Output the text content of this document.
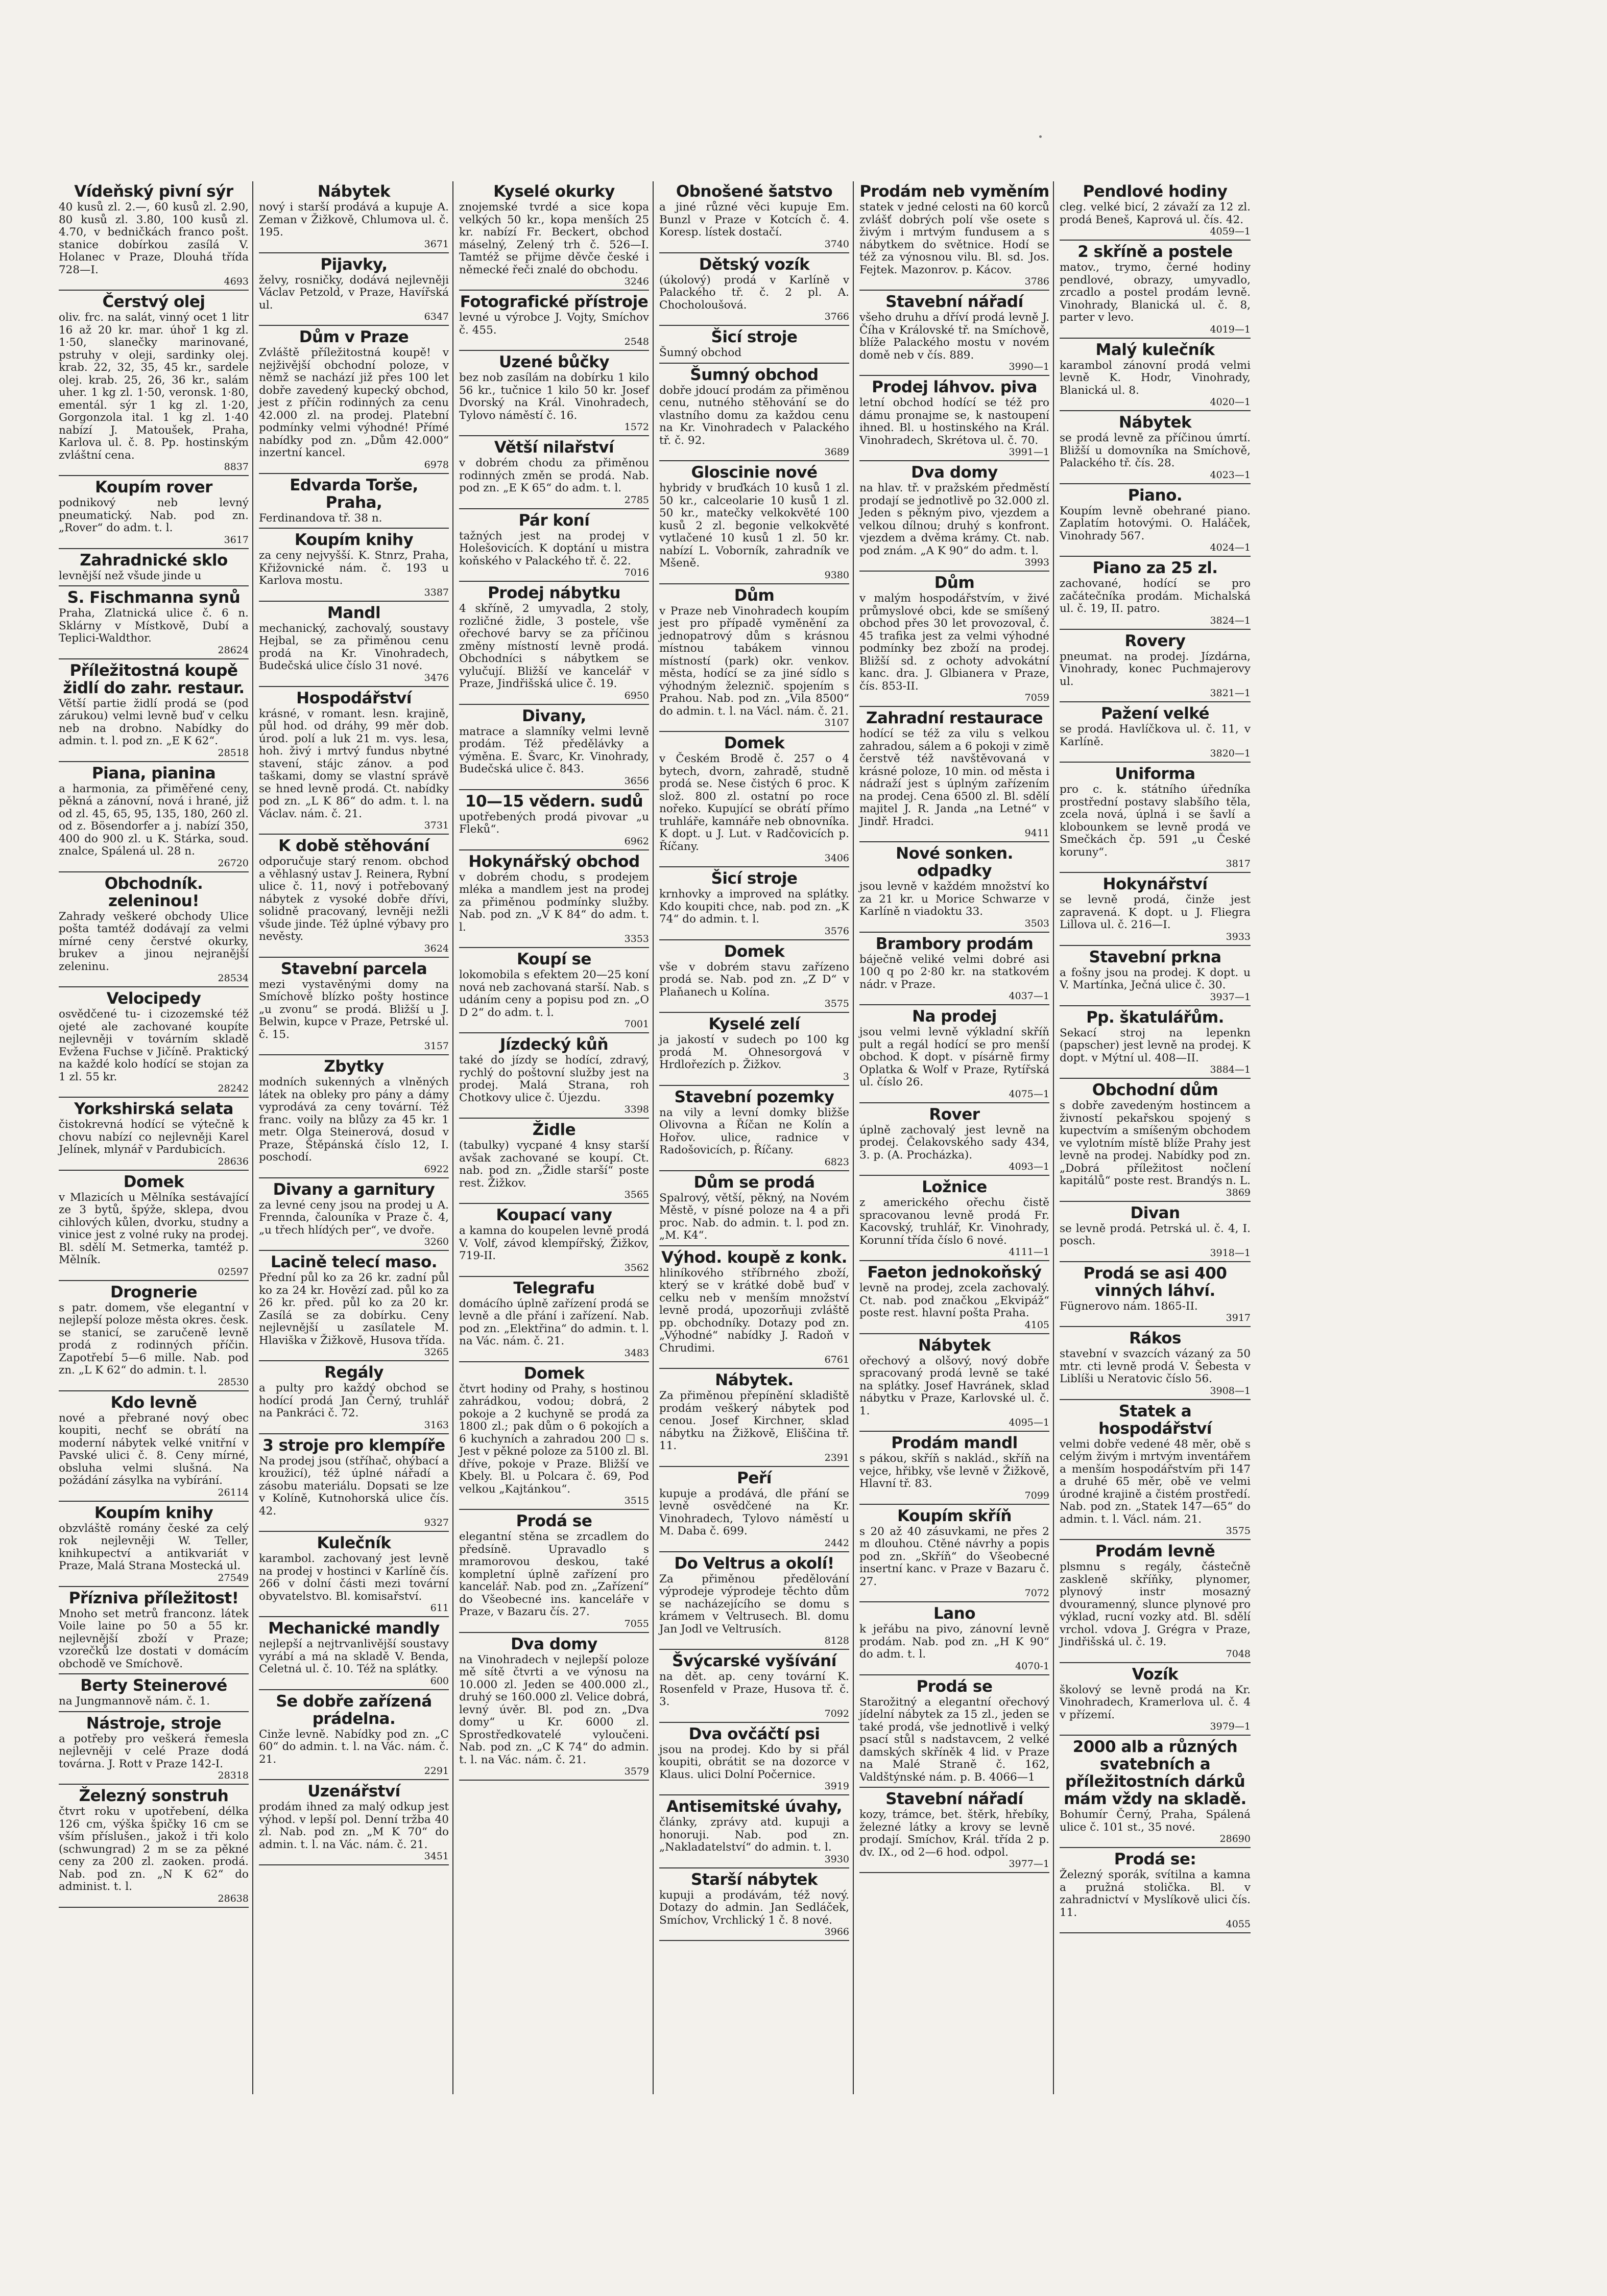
Vídeňský pivní sýr

40 kusů zl. 2.—, 60 kusů zl. 2.90, 80 kusů zl. 3.80, 100 kusů zl. 4.70, v bedničkách franco pošt. stanice dobírkou zasílá V. Holanec v Praze, Dlouhá třída 728—I.

4693
Čerstvý olej

oliv. frc. na salát, vinný ocet 1 litr 16 až 20 kr. mar. úhoř 1 kg zl. 1·50, slanečky marinované, pstruhy v oleji, sardinky olej. krab. 22, 32, 35, 45 kr., sardele olej. krab. 25, 26, 36 kr., salám uher. 1 kg zl. 1·50, veronsk. 1·80, ementál. sýr 1 kg zl. 1·20, Gorgonzola ital. 1 kg zl. 1·40 nabízí J. Matoušek, Praha, Karlova ul. č. 8. Pp. hostinským zvláštní cena.

8837
Koupím rover

podnikový neb levný pneumatický. Nab. pod zn. „Rover“ do adm. t. l.

3617
Zahradnické sklo

levnější než všude jinde u

S. Fischmanna synů

Praha, Zlatnická ulice č. 6 n. Sklárny v Místkově, Dubí a Teplici-Waldthor.

28624
Příležitostná koupě židlí do zahr. restaur.

Větší partie židlí prodá se (pod zárukou) velmi levně buď v celku neb na drobno. Nabídky do admin. t. l. pod zn. „E K 62“.

28518
Piana, pianina

a harmonia, za přiměřené ceny, pěkná a zánovní, nová i hrané, již od zl. 45, 65, 95, 135, 180, 260 zl. od z. Bösendorfer a j. nabízí 350, 400 do 900 zl. u K. Stárka, soud. znalce, Spálená ul. 28 n.

26720
Obchodník. zeleninou!

Zahrady veškeré obchody Ulice pošta tamtéž dodávají za velmi mírné ceny čerstvé okurky, brukev a jinou nejranější zeleninu.

28534
Velocipedy

osvědčené tu- i cizozemské též ojeté ale zachované koupíte nejlevněji v továrním skladě Evžena Fuchse v Jičíně. Praktický na každé kolo hodící se stojan za 1 zl. 55 kr.

28242
Yorkshirská selata

čistokrevná hodící se výtečně k chovu nabízí co nejlevněji Karel Jelínek, mlynář v Pardubicích.

28636
Domek

v Mlazicích u Mělníka sestávající ze 3 bytů, špýže, sklepa, dvou cihlových kůlen, dvorku, studny a vinice jest z volné ruky na prodej. Bl. sdělí M. Setmerka, tamtéž p. Mělník.

02597
Drognerie

s patr. domem, vše elegantní v nejlepší poloze města okres. česk. se stanicí, se zaručeně levně prodá z rodinných příčin. Zapotřebí 5—6 mille. Nab. pod zn. „L K 62“ do admin. t. l.

28530
Kdo levně

nové a přebrané nový obec koupiti, nechť se obrátí na moderní nábytek velké vnitřní v Pavské ulici č. 8. Ceny mírné, obsluha velmi slušná. Na požádání zásylka na vybírání.

26114
Koupím knihy

obzvláště romány české za celý rok nejlevněji W. Teller, knihkupectví a antikvariát v Praze, Malá Strana Mostecká ul.

27549
Přízniva příležitost!

Mnoho set metrů franconz. látek Voile laine po 50 a 55 kr. nejlevnější zboží v Praze; vzorečků lze dostati v domácím obchodě ve Smíchově.

Berty Steinerové

na Jungmannově nám. č. 1.

Nástroje, stroje

a potřeby pro veškerá řemesla nejlevněji v celé Praze dodá továrna. J. Rott v Praze 142-I.

28318
Železný sonstruh

čtvrt roku v upotřebení, délka 126 cm, výška špičky 16 cm se vším příslušen., jakož i tři kolo (schwungrad) 2 m se za pěkné ceny za 200 zl. zaoken. prodá. Nab. pod zn. „N K 62“ do administ. t. l.

28638
Nábytek

nový i starší prodává a kupuje A. Zeman v Žižkově, Chlumova ul. č. 195.

3671
Pijavky,

želvy, rosničky, dodává nejlevněji Václav Petzold, v Praze, Havířská ul.

6347
Dům v Praze

Zvláště příležitostná koupě! v nejživější obchodní poloze, v němž se nachází již přes 100 let dobře zavedený kupecký obchod, jest z příčin rodinných za cenu 42.000 zl. na prodej. Platební podmínky velmi výhodné! Přímé nabídky pod zn. „Dům 42.000“ inzertní kancel.

6978
Edvarda Torše, Praha,

Ferdinandova tř. 38 n.

Koupím knihy

za ceny nejvyšší. K. Stnrz, Praha, Křižovnické nám. č. 193 u Karlova mostu.

3387
Mandl

mechanický, zachovalý, soustavy Hejbal, se za přiměnou cenu prodá na Kr. Vinohradech, Budečská ulice číslo 31 nové.

3476
Hospodářství

krásné, v romant. lesn. krajině, půl hod. od dráhy, 99 měr dob. úrod. polí a luk 21 m. vys. lesa, hoh. živý i mrtvý fundus nbytné stavení, stájc zánov. a pod taškami, domy se vlastní správě se hned levně prodá. Ct. nabídky pod zn. „L K 86“ do adm. t. l. na Václav. nám. č. 21.

3731
K době stěhování

odporučuje starý renom. obchod a věhlasný ustav J. Reinera, Rybní ulice č. 11, nový i potřebovaný nábytek z vysoké dobře dřívi, solidně pracovaný, levněji nežli všude jinde. Též úplné výbavy pro nevěsty.

3624
Stavební parcela

mezi vystavěnými domy na Smíchově blízko pošty hostince „u zvonu“ se prodá. Bližší u J. Belwin, kupce v Praze, Petrské ul. č. 15.

3157
Zbytky

modních sukenných a vlněných látek na obleky pro pány a dámy vyprodává za ceny tovární. Též franc. voily na blůzy za 45 kr. 1 metr. Olga Steinerová, dosud v Praze, Štěpánská číslo 12, I. poschodí.

6922
Divany a garnitury

za levné ceny jsou na prodej u A. Frennda, čalouníka v Praze č. 4, „u třech hlídých per“, ve dvoře.

3260
Lacině telecí maso.

Přední půl ko za 26 kr. zadní půl ko za 24 kr. Hovězí zad. půl ko za 26 kr. před. půl ko za 20 kr. Zasílá se za dobírku. Ceny nejlevnější u zasílatele M. Hlaviška v Žižkově, Husova třída.

3265
Regály

a pulty pro každý obchod se hodící prodá Jan Černý, truhlář na Pankráci č. 72.

3163
3 stroje pro klempíře

Na prodej jsou (stříhač, ohýbací a kroužicí), též úplné nářadí a zásobu materiálu. Dopsati se lze v Kolíně, Kutnohorská ulice čís. 42.

9327
Kulečník

karambol. zachovaný jest levně na prodej v hostinci v Karlíně čís. 266 v dolní části mezi tovární obyvatelstvo. Bl. komisařství.

611
Mechanické mandly

nejlepší a nejtrvanlivější soustavy vyrábí a má na skladě V. Benda, Celetná ul. č. 10. Též na splátky.

600
Se dobře zařízená prádelna.

Cinže levně. Nabídky pod zn. „C 60“ do admin. t. l. na Vác. nám. č. 21.

2291
Uzenářství

prodám ihned za malý odkup jest výhod. v lepší pol. Denní tržba 40 zl. Nab. pod zn. „M K 70“ do admin. t. l. na Vác. nám. č. 21.

3451
Kyselé okurky

znojemské tvrdé a sice kopa velkých 50 kr., kopa menších 25 kr. nabízí Fr. Beckert, obchod máselný, Zelený trh č. 526—I. Tamtéž se přijme děvče české i německé řeči znalé do obchodu.

3246
Fotografické přístroje

levné u výrobce J. Vojty, Smíchov č. 455.

2548
Uzené bůčky

bez nob zasílám na dobírku 1 kilo 56 kr., tučnice 1 kilo 50 kr. Josef Dvorský na Král. Vinohradech, Tylovo náměstí č. 16.

1572
Větší nilařství

v dobrém chodu za přiměnou rodinných změn se prodá. Nab. pod zn. „E K 65“ do adm. t. l.

2785
Pár koní

tažných jest na prodej v Holešovicích. K doptání u mistra koňského v Palackého tř. č. 22.

7016
Prodej nábytku

4 skříně, 2 umyvadla, 2 stoly, rozličné židle, 3 postele, vše ořechové barvy se za příčinou změny místností levně prodá. Obchodníci s nábytkem se vylučují. Bližší ve kancelář v Praze, Jindřišská ulice č. 19.

6950
Divany,

matrace a slamníky velmi levně prodám. Též předělávky a výměna. E. Švarc, Kr. Vinohrady, Budečská ulice č. 843.

3656
10—15 vědern. sudů

upotřebených prodá pivovar „u Fleků“.

6962
Hokynářský obchod

v dobrém chodu, s prodejem mléka a mandlem jest na prodej za přiměnou podmínky služby. Nab. pod zn. „V K 84“ do adm. t. l.

3353
Koupí se

lokomobila s efektem 20—25 koní nová neb zachovaná starší. Nab. s udáním ceny a popisu pod zn. „O D 2“ do adm. t. l.

7001
Jízdecký kůň

také do jízdy se hodící, zdravý, rychlý do poštovní služby jest na prodej. Malá Strana, roh Chotkovy ulice č. Újezdu.

3398
Židle

(tabulky) vycpané 4 knsy starší avšak zachované se koupí. Ct. nab. pod zn. „Židle starší“ poste rest. Žižkov.

3565
Koupací vany

a kamna do koupelen levně prodá V. Volf, závod klempířský, Žižkov, 719-II.

3562
Telegrafu

domácího úplně zařízení prodá se levně a dle přání i zařízení. Nab. pod zn. „Elektřina“ do admin. t. l. na Vác. nám. č. 21.

3483
Domek

čtvrt hodiny od Prahy, s hostinou zahrádkou, vodou; dobrá, 2 pokoje a 2 kuchyně se prodá za 1800 zl.; pak dům o 6 pokojích a 6 kuchyních a zahradou 200 ☐ s. Jest v pěkné poloze za 5100 zl. Bl. dříve, pokoje v Praze. Bližší ve Kbely. Bl. u Polcara č. 69, Pod velkou „Kajtánkou“.

3515
Prodá se

elegantní stěna se zrcadlem do předsíně. Upravadlo s mramorovou deskou, také kompletní úplně zařízení pro kancelář. Nab. pod zn. „Zařízení“ do Všeobecné ins. kanceláře v Praze, v Bazaru čís. 27.

7055
Dva domy

na Vinohradech v nejlepší poloze mě sítě čtvrti a ve výnosu na 10.000 zl. Jeden se 400.000 zl., druhý se 160.000 zl. Velice dobrá, levný úvěr. Bl. pod zn. „Dva domy“ u Kr. 6000 zl. Sprostředkovatelé vyloučeni. Nab. pod zn. „C K 74“ do admin. t. l. na Vác. nám. č. 21.

3579
Obnošené šatstvo

a jiné různé věci kupuje Em. Bunzl v Praze v Kotcích č. 4. Koresp. lístek dostačí.

3740
Dětský vozík

(úkolový) prodá v Karlíně v Palackého tř. č. 2 pl. A. Chocholoušová.

3766
Šicí stroje

Šumný obchod

Šumný obchod

dobře jdoucí prodám za přiměnou cenu, nutného stěhování se do vlastního domu za každou cenu na Kr. Vinohradech v Palackého tř. č. 92.

3689
Gloscinie nové

hybridy v bruďkách 10 kusů 1 zl. 50 kr., calceolarie 10 kusů 1 zl. 50 kr., matečky velkokvěté 100 kusů 2 zl. begonie velkokvěté vytlačené 10 kusů 1 zl. 50 kr. nabízí L. Voborník, zahradník ve Mšeně.

9380
Dům

v Praze neb Vinohradech koupím jest pro případě vyměnění za jednopatrový dům s krásnou místnou tabákem vinnou místností (park) okr. venkov. města, hodící se za jiné sídlo s výhodným železnič. spojením s Prahou. Nab. pod zn. „Vila 8500“ do admin. t. l. na Václ. nám. č. 21.

3107
Domek

v Českém Brodě č. 257 o 4 bytech, dvorn, zahradě, studně prodá se. Nese čistých 6 proc. K slož. 800 zl. ostatní po roce nořeko. Kupující se obrátí přímo truhláře, kamnáře neb obnovníka. K dopt. u J. Lut. v Radčovicích p. Říčany.

3406
Šicí stroje

krnhovky a improved na splátky. Kdo koupiti chce, nab. pod zn. „K 74“ do admin. t. l.

3576
Domek

vše v dobrém stavu zařízeno prodá se. Nab. pod zn. „Z D“ v Plaňanech u Kolína.

3575
Kyselé zelí

ja jakostí v sudech po 100 kg prodá M. Ohnesorgová v Hrdlořezích p. Žižkov.

3
Stavební pozemky

na vily a levní domky bližše Olivovna a Říčan ne Kolín a Hořov. ulice, radnice v Radošovicích, p. Říčany.

6823
Dům se prodá

Spalrový, větší, pěkný, na Novém Městě, v písné poloze na 4 a při proc. Nab. do admin. t. l. pod zn. „M. K4“.

Výhod. koupě z konk.

hliníkového stříbrného zboží, který se v krátké době buď v celku neb v menším množství levně prodá, upozorňuji zvláště pp. obchodníky. Dotazy pod zn. „Výhodné“ nabídky J. Radoň v Chrudimi.

6761
Nábytek.

Za přiměnou přepínění skladiště prodám veškerý nábytek pod cenou. Josef Kirchner, sklad nábytku na Žižkově, Eliščina tř. 11.

2391
Peří

kupuje a prodává, dle přání se levně osvědčené na Kr. Vinohradech, Tylovo náměstí u M. Daba č. 699.

2442
Do Veltrus a okolí!

Za přiměnou předělování výprodeje výprodeje těchto dům se nacházejícího se domu s krámem v Veltrusech. Bl. domu Jan Jodl ve Veltrusích.

8128
Švýcarské vyšívání

na dět. ap. ceny tovární K. Rosenfeld v Praze, Husova tř. č. 3.

7092
Dva ovčáčtí psi

jsou na prodej. Kdo by si přál koupiti, obrátit se na dozorce v Klaus. ulici Dolní Počernice.

3919
Antisemitské úvahy,

články, zprávy atd. kupuji a honoruji. Nab. pod zn. „Nakladatelství“ do admin. t. l.

3930
Starší nábytek

kupuji a prodávám, též nový. Dotazy do admin. Jan Sedláček, Smíchov, Vrchlický 1 č. 8 nové.

3966
Prodám neb vyměním

statek v jedné celosti na 60 korců zvlášť dobrých polí vše osete s živým i mrtvým fundusem a s nábytkem do světnice. Hodí se též za výnosnou vilu. Bl. sd. Jos. Fejtek. Mazonrov. p. Kácov.

3786
Stavební nářadí

všeho druhu a dříví prodá levně J. Číha v Královské tř. na Smíchově, blíže Palackého mostu v novém domě neb v čís. 889.

3990—1
Prodej láhvov. piva

letní obchod hodící se též pro dámu pronajme se, k nastoupení ihned. Bl. u hostinského na Král. Vinohradech, Skrétova ul. č. 70.

3991—1
Dva domy

na hlav. tř. v pražském předměstí prodají se jednotlivě po 32.000 zl. Jeden s pěkným pivo, vjezdem a velkou dílnou; druhý s konfront. vjezdem a dvěma krámy. Ct. nab. pod znám. „A K 90“ do adm. t. l.

3993
Dům

v malým hospodářstvím, v živé průmyslové obci, kde se smíšený obchod přes 30 let provozoval, č. 45 trafika jest za velmi výhodné podmínky bez zboží na prodej. Bližší sd. z ochoty advokátní kanc. dra. J. Glbianera v Praze, čís. 853-II.

7059
Zahradní restaurace

hodící se též za vilu s velkou zahradou, sálem a 6 pokoji v zimě čerstvě též navštěvovaná v krásné poloze, 10 min. od města i nádraží jest s úplným zařízením na prodej. Cena 6500 zl. Bl. sdělí majitel J. R. Janda „na Letné“ v Jindř. Hradci.

9411
Nové sonken. odpadky

jsou levně v každém množství ko za 21 kr. u Morice Schwarze v Karlíně n viadoktu 33.

3503
Brambory prodám

báječně veliké velmi dobré asi 100 q po 2·80 kr. na statkovém nádr. v Praze.

4037—1
Na prodej

jsou velmi levně výkladní skříň pult a regál hodící se pro menší obchod. K dopt. v písárně firmy Oplatka & Wolf v Praze, Rytířská ul. číslo 26.

4075—1
Rover

úplně zachovalý jest levně na prodej. Čelakovského sady 434, 3. p. (A. Procházka).

4093—1
Ložnice

z amerického ořechu čistě spracovanou levně prodá Fr. Kacovský, truhlář, Kr. Vinohrady, Korunní třída číslo 6 nové.

4111—1
Faeton jednokoňský

levně na prodej, zcela zachovalý. Ct. nab. pod značkou „Ekvipáž“ poste rest. hlavní pošta Praha.

4105
Nábytek

ořechový a olšový, nový dobře spracovaný prodá levně se také na splátky. Josef Havránek, sklad nábytku v Praze, Karlovské ul. č. 1.

4095—1
Prodám mandl

s pákou, skříň s naklád., skříň na vejce, hřibky, vše levně v Žižkově, Hlavní tř. 83.

7099
Koupím skříň

s 20 až 40 zásuvkami, ne přes 2 m dlouhou. Ctěné návrhy a popis pod zn. „Skříň“ do Všeobecné insertní kanc. v Praze v Bazaru č. 27.

7072
Lano

k jeřábu na pivo, zánovní levně prodám. Nab. pod zn. „H K 90“ do adm. t. l.

4070-1
Prodá se

Starožitný a elegantní ořechový jídelní nábytek za 15 zl., jeden se také prodá, vše jednotlivě i velký psací stůl s nadstavcem, 2 velké damských skříněk 4 lid. v Praze na Malé Straně č. 162, Valdštýnské nám. p. B. 4066—1

Stavební nářadí

kozy, trámce, bet. štěrk, hřebíky, železné látky a krovy se levně prodají. Smíchov, Král. třída 2 p. dv. IX., od 2—6 hod. odpol.

3977—1
Pendlové hodiny

cleg. velké bicí, 2 závaží za 12 zl. prodá Beneš, Kaprová ul. čís. 42.

4059—1
2 skříně a postele

matov., trymo, černé hodiny pendlové, obrazy, umyvadlo, zrcadlo a postel prodám levně. Vinohrady, Blanická ul. č. 8, parter v levo.

4019—1
Malý kulečník

karambol zánovní prodá velmi levně K. Hodr, Vinohrady, Blanická ul. 8.

4020—1
Nábytek

se prodá levně za příčinou úmrtí. Bližší u domovníka na Smíchově, Palackého tř. čís. 28.

4023—1
Piano.

Koupím levně obehrané piano. Zaplatím hotovými. O. Haláček, Vinohrady 567.

4024—1
Piano za 25 zl.

zachované, hodící se pro začátečníka prodám. Michalská ul. č. 19, II. patro.

3824—1
Rovery

pneumat. na prodej. Jízdárna, Vinohrady, konec Puchmajerovy ul.

3821—1
Pažení velké

se prodá. Havlíčkova ul. č. 11, v Karlíně.

3820—1
Uniforma

pro c. k. státního úředníka prostřední postavy slabšího těla, zcela nová, úplná i se šavlí a klobounkem se levně prodá ve Smečkách čp. 591 „u České koruny“.

3817
Hokynářství

se levně prodá, činže jest zapravená. K dopt. u J. Fliegra Lillova ul. č. 216—I.

3933
Stavební prkna

a fošny jsou na prodej. K dopt. u V. Martínka, Ječná ulice č. 30.

3937—1
Pp. škatulářům.

Sekací stroj na lepenkn (papscher) jest levně na prodej. K dopt. v Mýtní ul. 408—II.

3884—1
Obchodní dům

s dobře zavedeným hostincem a živností pekařskou spojený s kupectvím a smíšeným obchodem ve vylotním místě blíže Prahy jest levně na prodej. Nabídky pod zn. „Dobrá příležitost nočlení kapitálů“ poste rest. Brandýs n. L.

3869
Divan

se levně prodá. Petrská ul. č. 4, I. posch.

3918—1
Prodá se asi 400 vinných láhví.

Fügnerovo nám. 1865-II.

3917
Rákos

stavební v svazcích vázaný za 50 mtr. cti levně prodá V. Šebesta v Liblíši u Neratovic číslo 56.

3908—1
Statek a hospodářství

velmi dobře vedené 48 měr, obě s celým živým i mrtvým inventářem a menším hospodářstvím při 147 a druhé 65 měr, obě ve velmi úrodné krajině a čistém prostředí. Nab. pod zn. „Statek 147—65“ do admin. t. l. Václ. nám. 21.

3575
Prodám levně

plsmnu s regály, částečně zaskleně skříňky, plynomer, plynový instr mosazný dvouramenný, slunce plynové pro výklad, rucní vozky atd. Bl. sdělí vrchol. vdova J. Grégra v Praze, Jindřišská ul. č. 19.

7048
Vozík

školový se levně prodá na Kr. Vinohradech, Kramerlova ul. č. 4 v přízemí.

3979—1
2000 alb a různých svatebních a příležitostních dárků mám vždy na skladě.

Bohumír Černý, Praha, Spálená ulice č. 101 st., 35 nové.

28690
Prodá se:

Železný sporák, svítilna a kamna a pružná stolička. Bl. v zahradnictví v Myslíkově ulici čís. 11.

4055
